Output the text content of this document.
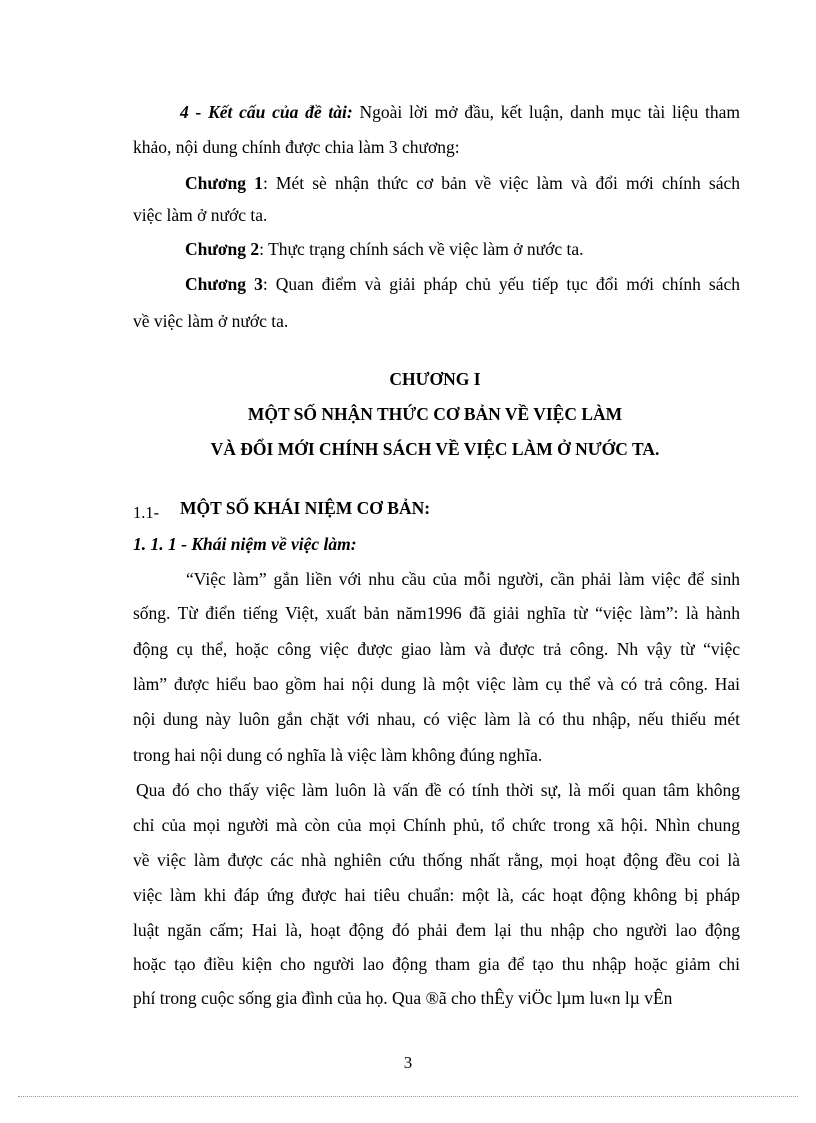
4 - Kết cấu của đề tài: Ngoài lời mở đầu, kết luận, danh mục tài liệu tham
khảo, nội dung chính được chia làm 3 chương:
Chương 1: Mét sè nhận thức cơ bản về việc làm và đổi mới chính sách
việc làm ở nước ta.
Chương 2: Thực trạng chính sách về việc làm ở nước ta.
Chương 3: Quan điểm và giải pháp chủ yếu tiếp tục đổi mới chính sách
về việc làm ở nước ta.
CHƯƠNG I
MỘT SỐ NHẬN THỨC CƠ BẢN VỀ VIỆC LÀM
VÀ ĐỔI MỚI CHÍNH SÁCH VỀ VIỆC LÀM Ở NƯỚC TA.
1.1- MỘT SỐ KHÁI NIỆM CƠ BẢN:
1. 1. 1 - Khái niệm về việc làm:
“Việc làm” gắn liền với nhu cầu của mỗi người, cần phải làm việc để sinh
sống. Từ điển tiếng Việt, xuất bản năm1996 đã giải nghĩa từ “việc làm”: là hành
động cụ thể, hoặc công việc được giao làm và được trả công. Nh vậy từ “việc
làm” được hiểu bao gồm hai nội dung là một việc làm cụ thể và có trả công. Hai
nội dung này luôn gắn chặt với nhau, có việc làm là có thu nhập, nếu thiếu mét
trong hai nội dung có nghĩa là việc làm không đúng nghĩa.
Qua đó cho thấy việc làm luôn là vấn đề có tính thời sự, là mối quan tâm không
chỉ của mọi người mà còn của mọi Chính phủ, tổ chức trong xã hội. Nhìn chung
về việc làm được các nhà nghiên cứu thống nhất rằng, mọi hoạt động đều coi là
việc làm khi đáp ứng được hai tiêu chuẩn: một là, các hoạt động không bị pháp
luật ngăn cấm; Hai là, hoạt động đó phải đem lại thu nhập cho người lao động
hoặc tạo điều kiện cho người lao động tham gia để tạo thu nhập hoặc giảm chi
phí trong cuộc sống gia đình của họ. Qua ®ã cho thÊy viÖc lµm lu«n lµ vÊn
3
